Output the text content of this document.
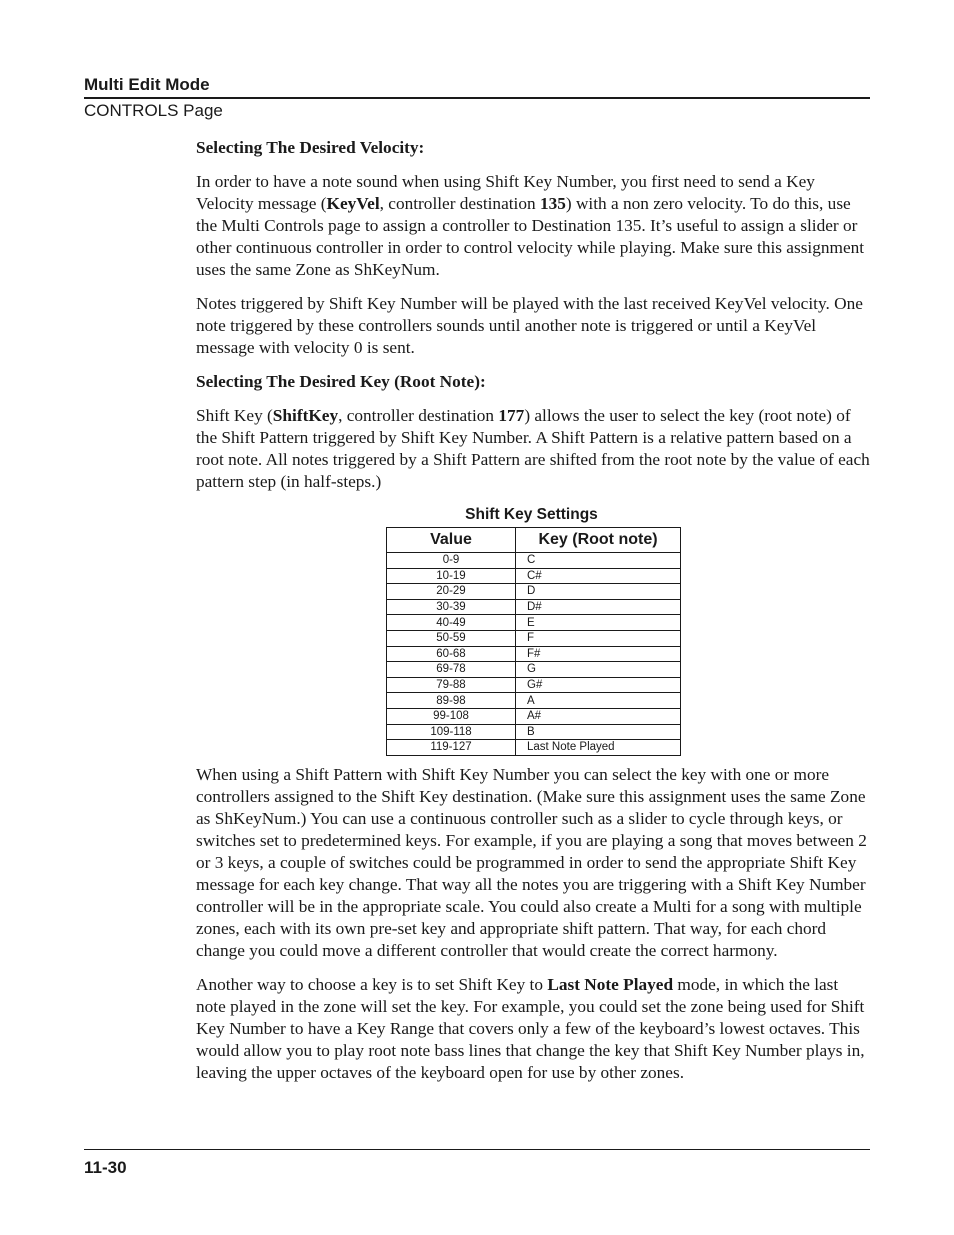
Multi Edit Mode
CONTROLS Page
Selecting The Desired Velocity:

In order to have a note sound when using Shift Key Number, you first need to send a Key Velocity message (KeyVel, controller destination 135) with a non zero velocity. To do this, use the Multi Controls page to assign a controller to Destination 135. It’s useful to assign a slider or other continuous controller in order to control velocity while playing. Make sure this assignment uses the same Zone as ShKeyNum.

Notes triggered by Shift Key Number will be played with the last received KeyVel velocity. One note triggered by these controllers sounds until another note is triggered or until a KeyVel message with velocity 0 is sent.

Selecting The Desired Key (Root Note):

Shift Key (ShiftKey, controller destination 177) allows the user to select the key (root note) of the Shift Pattern triggered by Shift Key Number. A Shift Pattern is a relative pattern based on a root note. All notes triggered by a Shift Pattern are shifted from the root note by the value of each pattern step (in half-steps.)

Shift Key Settings
Value	Key (Root note)
0-9	C
10-19	C#
20-29	D
30-39	D#
40-49	E
50-59	F
60-68	F#
69-78	G
79-88	G#
89-98	A
99-108	A#
109-118	B
119-127	Last Note Played

When using a Shift Pattern with Shift Key Number you can select the key with one or more controllers assigned to the Shift Key destination. (Make sure this assignment uses the same Zone as ShKeyNum.) You can use a continuous controller such as a slider to cycle through keys, or switches set to predetermined keys. For example, if you are playing a song that moves between 2 or 3 keys, a couple of switches could be programmed in order to send the appropriate Shift Key message for each key change. That way all the notes you are triggering with a Shift Key Number controller will be in the appropriate scale. You could also create a Multi for a song with multiple zones, each with its own pre-set key and appropriate shift pattern. That way, for each chord change you could move a different controller that would create the correct harmony.

Another way to choose a key is to set Shift Key to Last Note Played mode, in which the last note played in the zone will set the key. For example, you could set the zone being used for Shift Key Number to have a Key Range that covers only a few of the keyboard’s lowest octaves. This would allow you to play root note bass lines that change the key that Shift Key Number plays in, leaving the upper octaves of the keyboard open for use by other zones.

11-30
